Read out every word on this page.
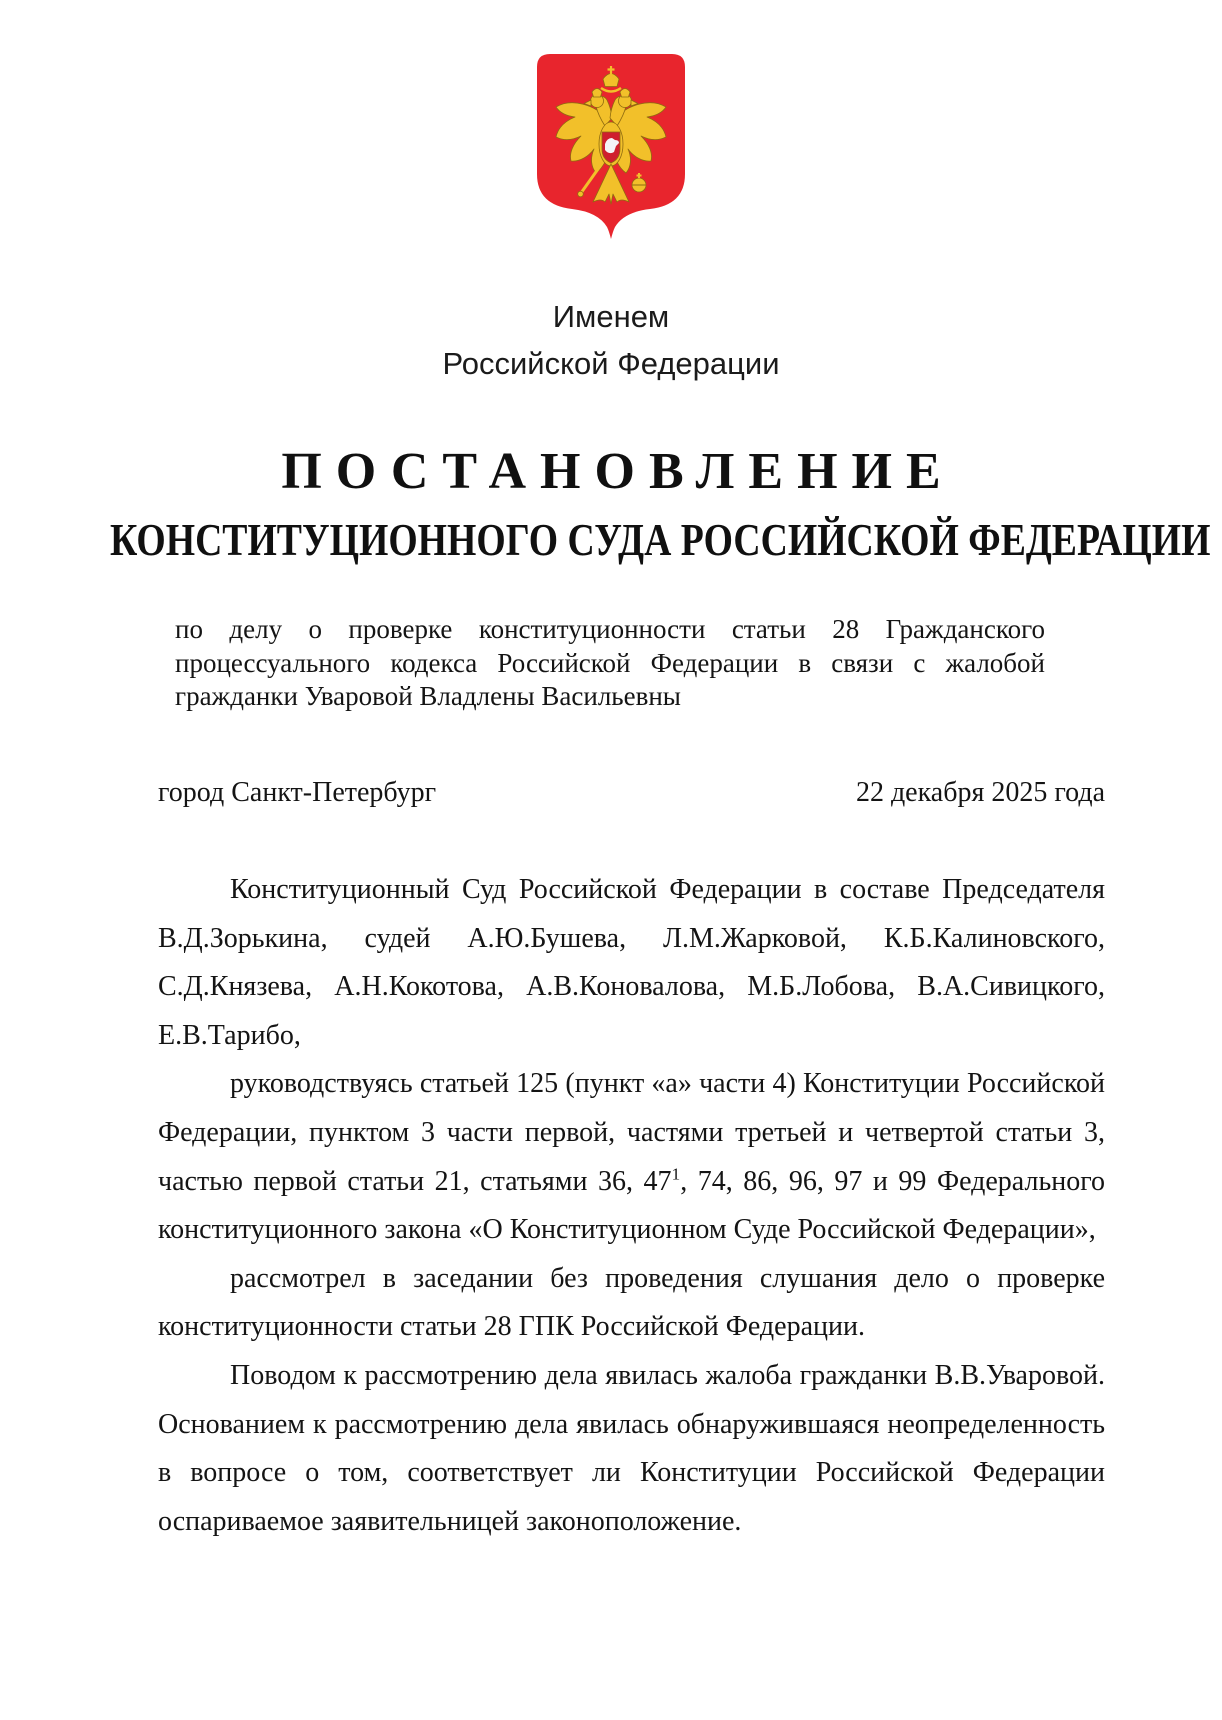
Именем
Российской Федерации
ПОСТАНОВЛЕНИЕ
КОНСТИТУЦИОННОГО СУДА РОССИЙСКОЙ ФЕДЕРАЦИИ
по делу о проверке конституционности статьи 28 Гражданского процессуального кодекса Российской Федерации в связи с жалобой гражданки Уваровой Владлены Васильевны
город Санкт-Петербург	22 декабря 2025 года

Конституционный Суд Российской Федерации в составе Председателя В.Д.Зорькина, судей А.Ю.Бушева, Л.М.Жарковой, К.Б.Калиновского, С.Д.Князева, А.Н.Кокотова, А.В.Коновалова, М.Б.Лобова, В.А.Сивицкого, Е.В.Тарибо,

руководствуясь статьей 125 (пункт «а» части 4) Конституции Российской Федерации, пунктом 3 части первой, частями третьей и четвертой статьи 3, частью первой статьи 21, статьями 36, $47^1$, 74, 86, 96, 97 и 99 Федерального конституционного закона «О Конституционном Суде Российской Федерации»,

рассмотрел в заседании без проведения слушания дело о проверке конституционности статьи 28 ГПК Российской Федерации.

Поводом к рассмотрению дела явилась жалоба гражданки В.В.Уваровой. Основанием к рассмотрению дела явилась обнаружившаяся неопределенность в вопросе о том, соответствует ли Конституции Российской Федерации оспариваемое заявительницей законоположение.
